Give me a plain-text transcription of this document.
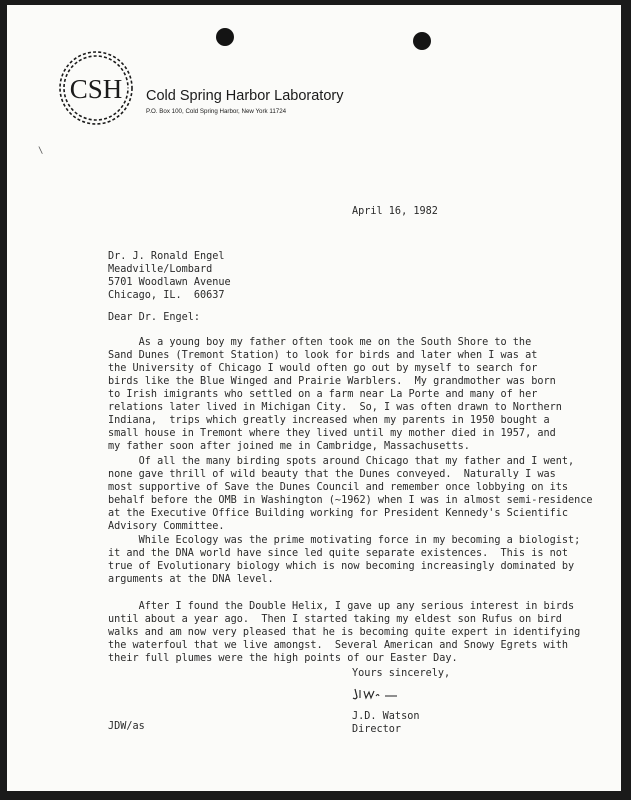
CSH Cold Spring Harbor Laboratory
P.O. Box 100, Cold Spring Harbor, New York 11724
\
April 16, 1982
Dr. J. Ronald Engel
Meadville/Lombard
5701 Woodlawn Avenue
Chicago, IL.  60637
Dear Dr. Engel:
As a young boy my father often took me on the South Shore to the
Sand Dunes (Tremont Station) to look for birds and later when I was at
the University of Chicago I would often go out by myself to search for
birds like the Blue Winged and Prairie Warblers.  My grandmother was born
to Irish imigrants who settled on a farm near La Porte and many of her
relations later lived in Michigan City.  So, I was often drawn to Northern
Indiana,  trips which greatly increased when my parents in 1950 bought a
small house in Tremont where they lived until my mother died in 1957, and
my father soon after joined me in Cambridge, Massachusetts.
Of all the many birding spots around Chicago that my father and I went,
none gave thrill of wild beauty that the Dunes conveyed.  Naturally I was
most supportive of Save the Dunes Council and remember once lobbying on its
behalf before the OMB in Washington (~1962) when I was in almost semi-residence
at the Executive Office Building working for President Kennedy's Scientific
Advisory Committee.
While Ecology was the prime motivating force in my becoming a biologist;
it and the DNA world have since led quite separate existences.  This is not
true of Evolutionary biology which is now becoming increasingly dominated by
arguments at the DNA level.
After I found the Double Helix, I gave up any serious interest in birds
until about a year ago.  Then I started taking my eldest son Rufus on bird
walks and am now very pleased that he is becoming quite expert in identifying
the waterfoul that we live amongst.  Several American and Snowy Egrets with
their full plumes were the high points of our Easter Day.
Yours sincerely,
J.D. Watson
Director
JDW/as
